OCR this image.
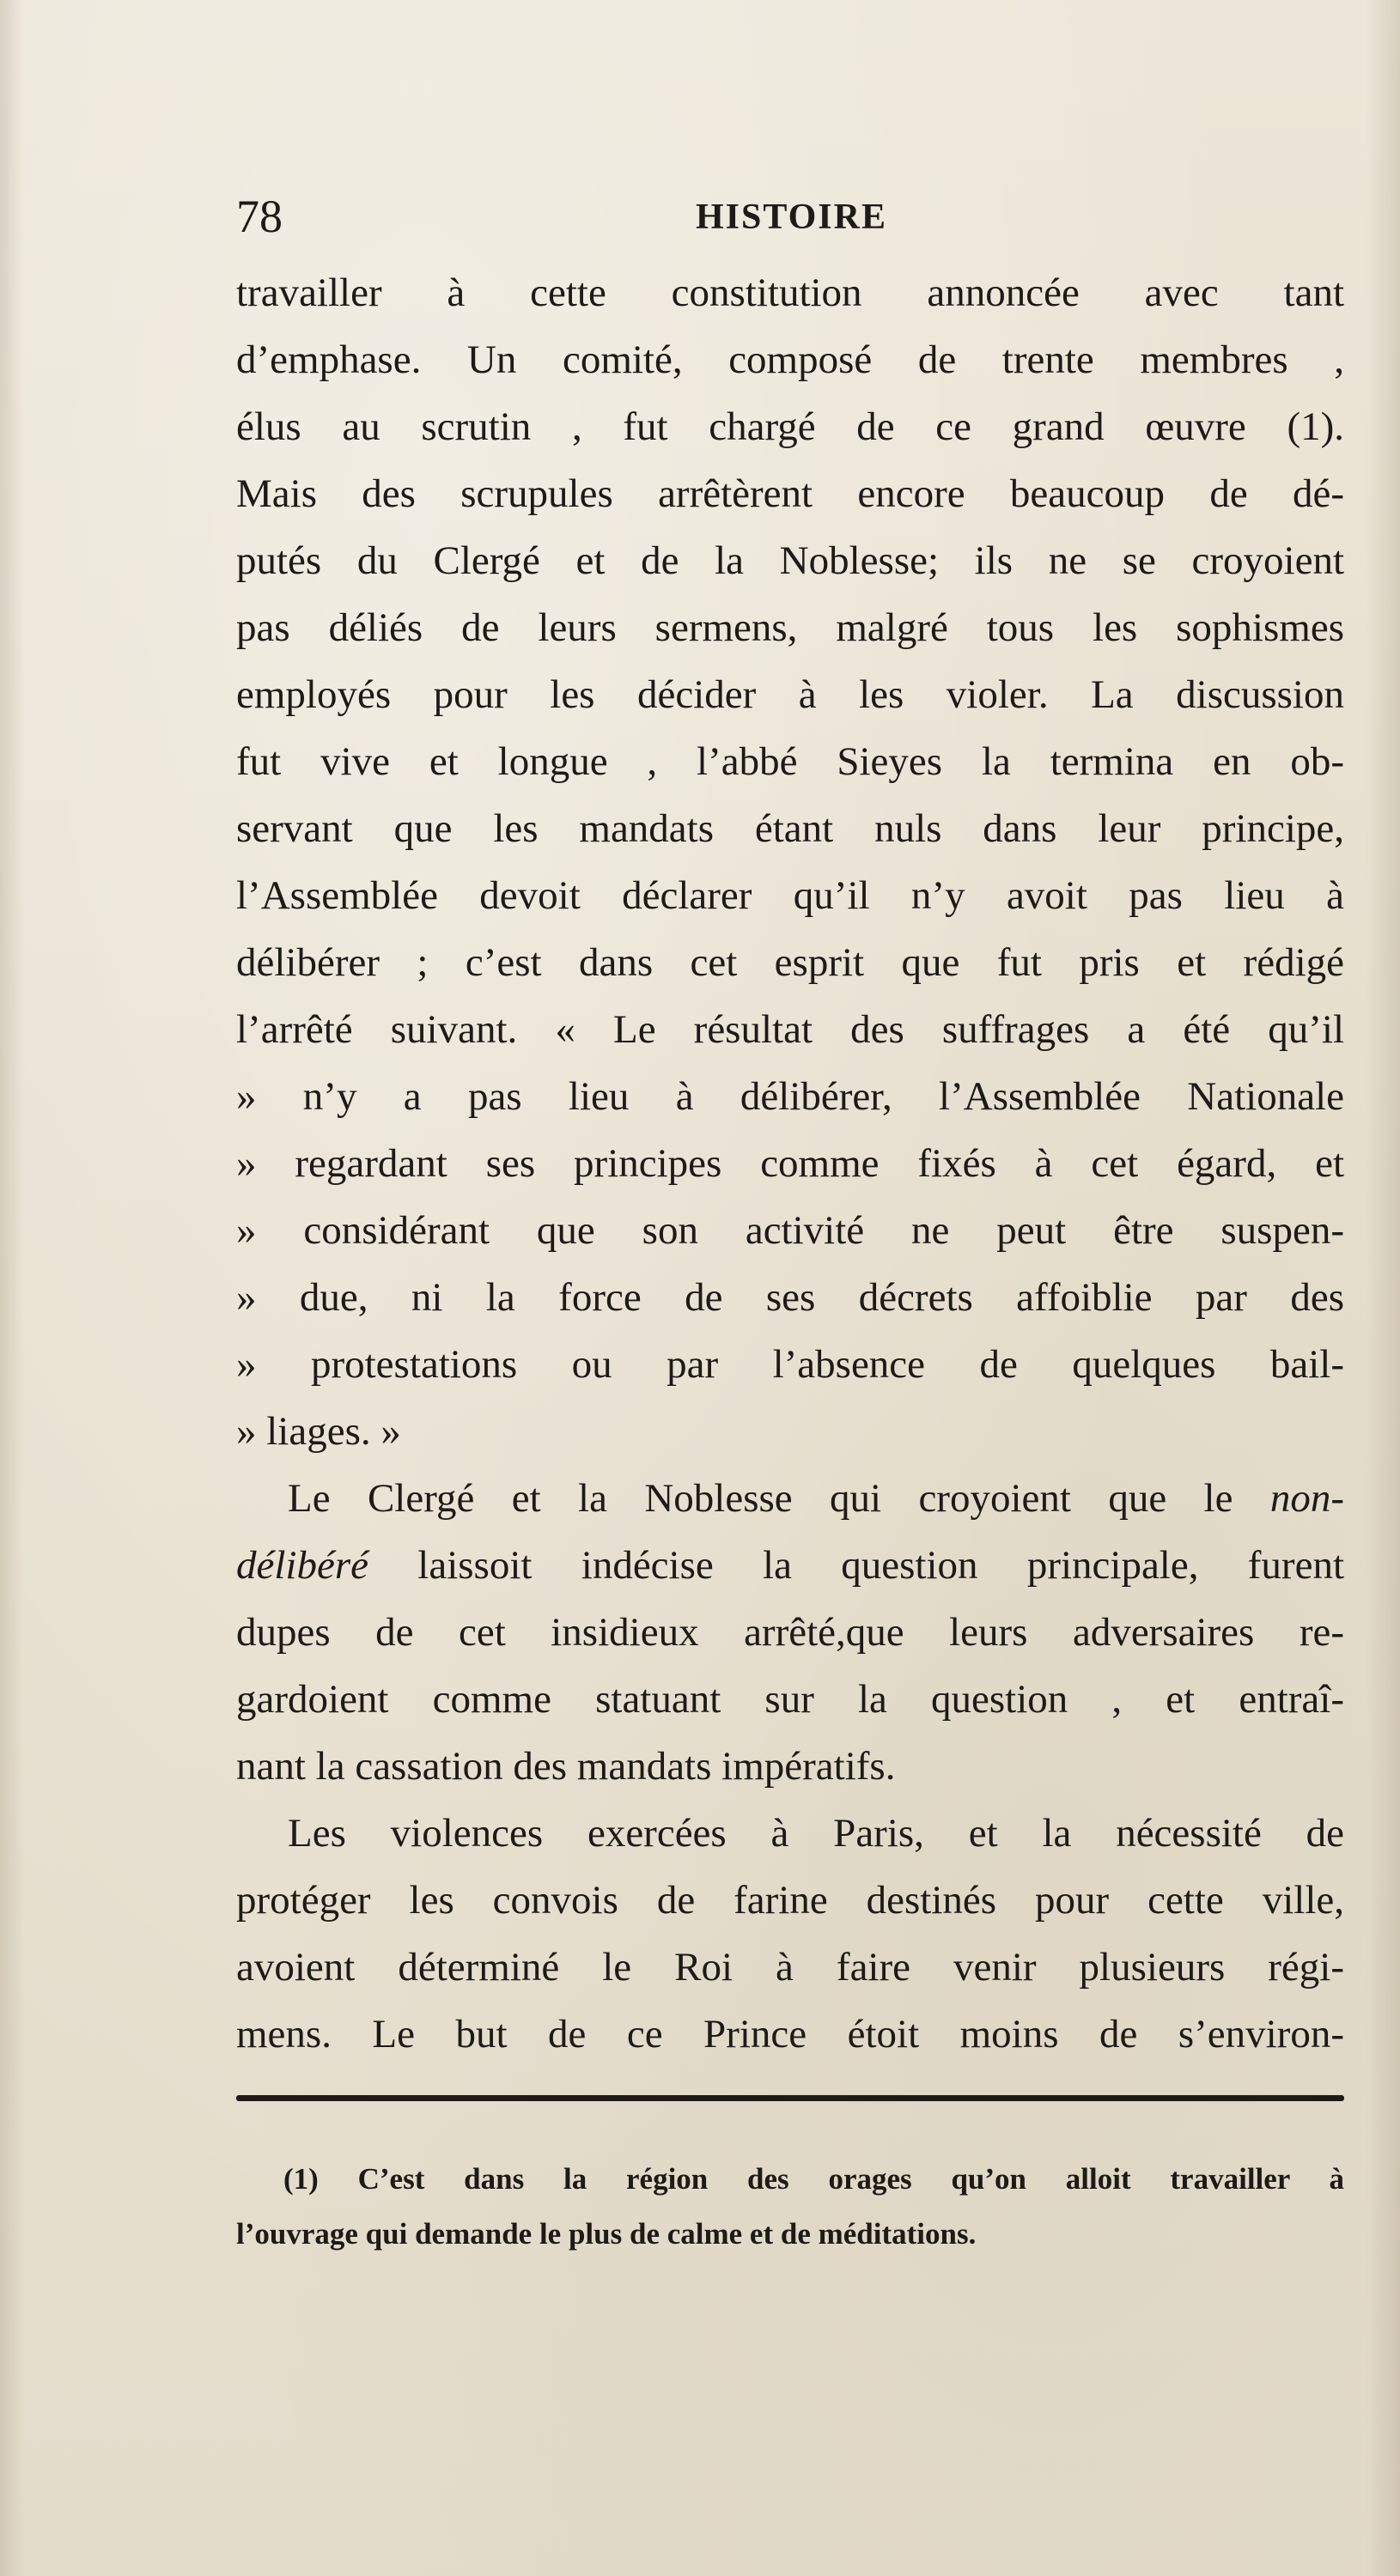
78	HISTOIRE
travailler à cette constitution annoncée avec tant
d’emphase. Un comité, composé de trente membres ,
élus au scrutin , fut chargé de ce grand œuvre (1).
Mais des scrupules arrêtèrent encore beaucoup de dé-
putés du Clergé et de la Noblesse; ils ne se croyoient
pas déliés de leurs sermens, malgré tous les sophismes
employés pour les décider à les violer. La discussion
fut vive et longue , l’abbé Sieyes la termina en ob-
servant que les mandats étant nuls dans leur principe,
l’Assemblée devoit déclarer qu’il n’y avoit pas lieu à
délibérer ; c’est dans cet esprit que fut pris et rédigé
l’arrêté suivant. « Le résultat des suffrages a été qu’il
» n’y a pas lieu à délibérer, l’Assemblée Nationale
» regardant ses principes comme fixés à cet égard, et
» considérant que son activité ne peut être suspen-
» due, ni la force de ses décrets affoiblie par des
» protestations ou par l’absence de quelques bail-
» liages. »
Le Clergé et la Noblesse qui croyoient que le non-
délibéré laissoit indécise la question principale, furent
dupes de cet insidieux arrêté,que leurs adversaires re-
gardoient comme statuant sur la question , et entraî-
nant la cassation des mandats impératifs.
Les violences exercées à Paris, et la nécessité de
protéger les convois de farine destinés pour cette ville,
avoient déterminé le Roi à faire venir plusieurs régi-
mens. Le but de ce Prince étoit moins de s’environ-
(1) C’est dans la région des orages qu’on alloit travailler à
l’ouvrage qui demande le plus de calme et de méditations.
